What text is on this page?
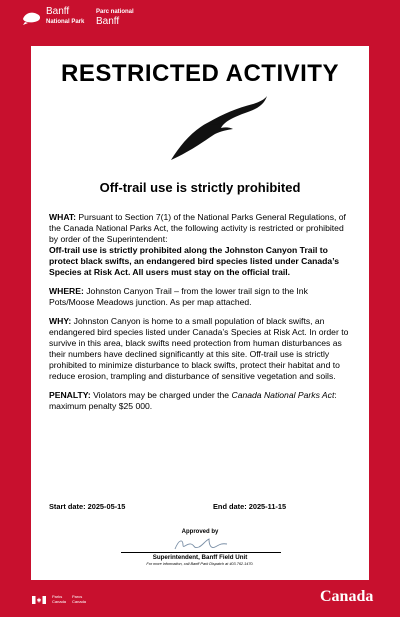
Banff
National Park
Parc national
Banff
RESTRICTED ACTIVITY
Off-trail use is strictly prohibited

WHAT: Pursuant to Section 7(1) of the National Parks General Regulations, of the Canada National Parks Act, the following activity is restricted or prohibited by order of the Superintendent:
Off-trail use is strictly prohibited along the Johnston Canyon Trail to protect black swifts, an endangered bird species listed under Canada’s Species at Risk Act. All users must stay on the official trail.

WHERE: Johnston Canyon Trail – from the lower trail sign to the Ink Pots/Moose Meadows junction. As per map attached.

WHY: Johnston Canyon is home to a small population of black swifts, an endangered bird species listed under Canada’s Species at Risk Act. In order to survive in this area, black swifts need protection from human disturbances as their numbers have declined significantly at this site. Off-trail use is strictly prohibited to minimize disturbance to black swifts, protect their habitat and to reduce erosion, trampling and disturbance of sensitive vegetation and soils.

PENALTY: Violators may be charged under the Canada National Parks Act: maximum penalty $25 000.

Start date: 2025-05-15	End date: 2025-11-15
Approved by
Superintendent, Banff Field Unit
For more information, call Banff Park Dispatch at 403.762.1470.
Parks
Canada
Parcs
Canada	Canada
